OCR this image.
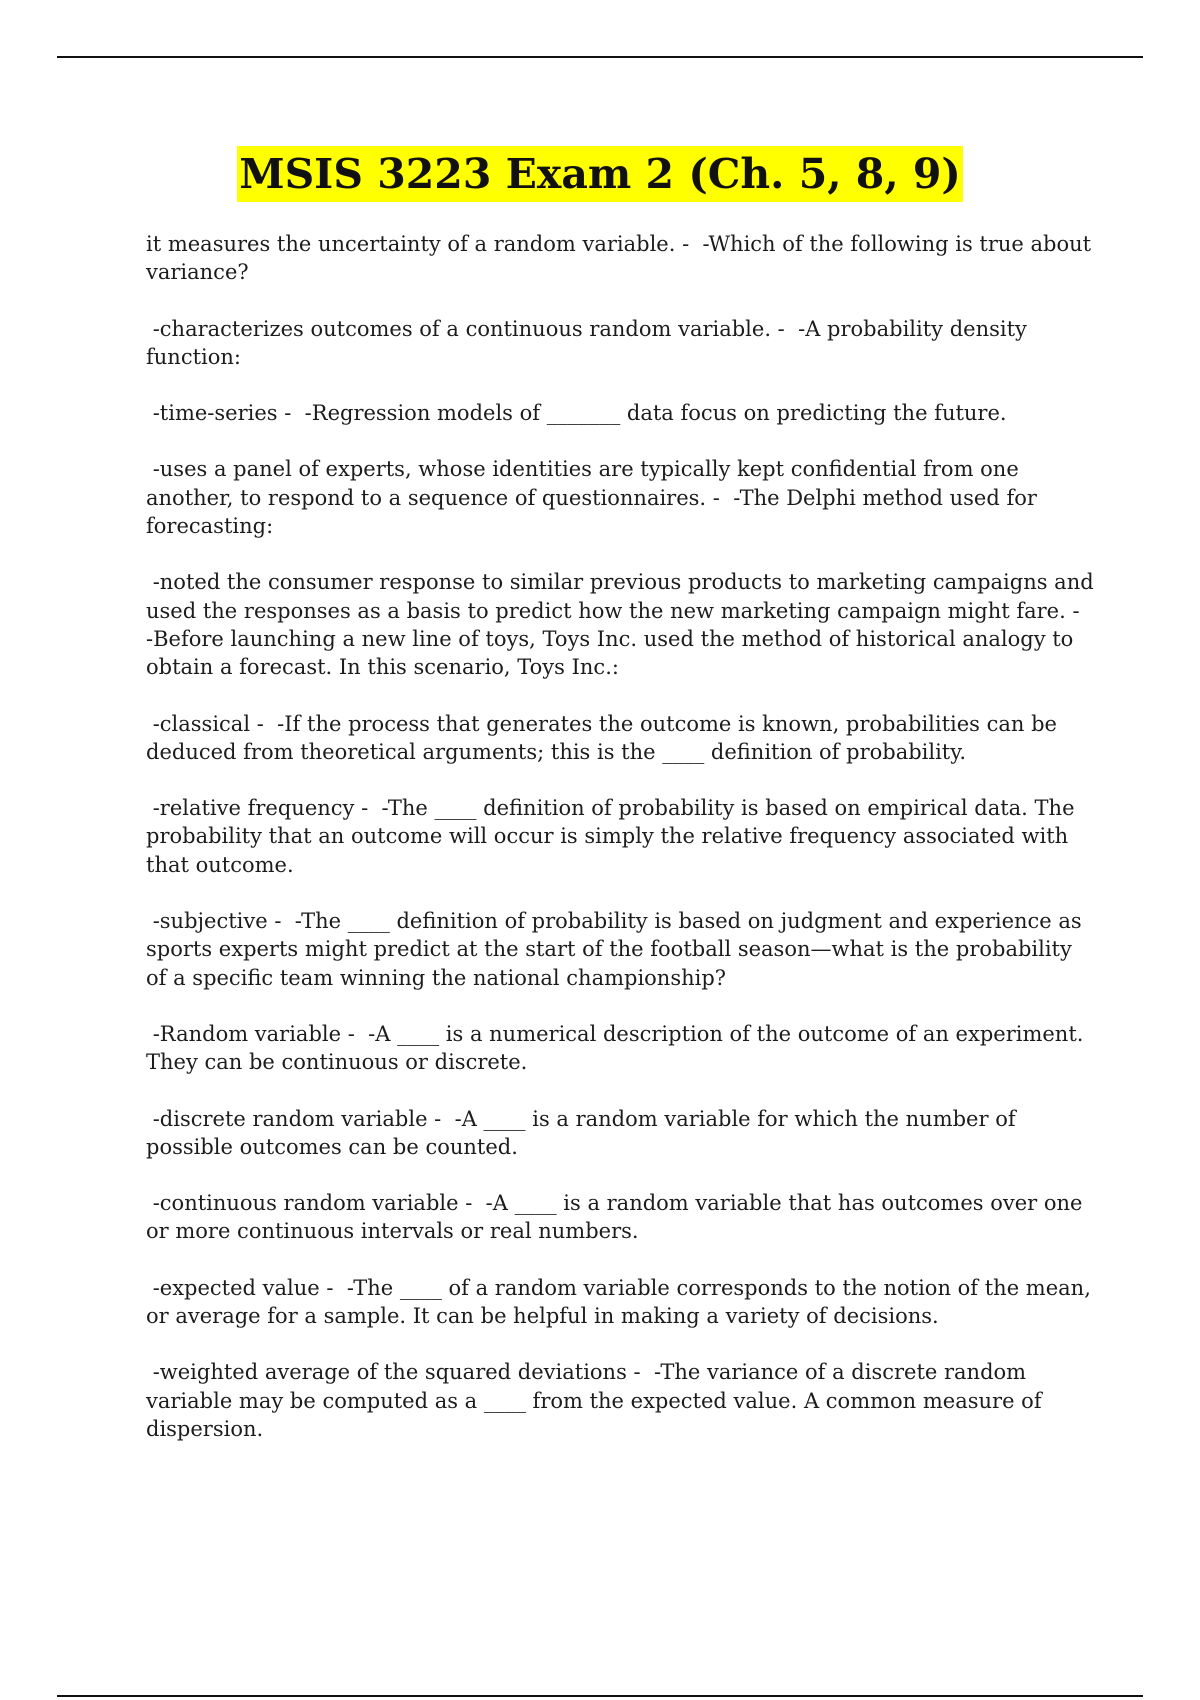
MSIS 3223 Exam 2 (Ch. 5, 8, 9)

it measures the uncertainty of a random variable. -  -Which of the following is true about variance?

-characterizes outcomes of a continuous random variable. -  -A probability density function:

-time-series -  -Regression models of _______ data focus on predicting the future.

-uses a panel of experts, whose identities are typically kept confidential from one another, to respond to a sequence of questionnaires. -  -The Delphi method used for forecasting:

-noted the consumer response to similar previous products to marketing campaigns and used the responses as a basis to predict how the new marketing campaign might fare. -  -Before launching a new line of toys, Toys Inc. used the method of historical analogy to obtain a forecast. In this scenario, Toys Inc.:

-classical -  -If the process that generates the outcome is known, probabilities can be deduced from theoretical arguments; this is the ____ definition of probability.

-relative frequency -  -The ____ definition of probability is based on empirical data. The probability that an outcome will occur is simply the relative frequency associated with that outcome.

-subjective -  -The ____ definition of probability is based on judgment and experience as sports experts might predict at the start of the football season—what is the probability of a specific team winning the national championship?

-Random variable -  -A ____ is a numerical description of the outcome of an experiment. They can be continuous or discrete.

-discrete random variable -  -A ____ is a random variable for which the number of possible outcomes can be counted.

-continuous random variable -  -A ____ is a random variable that has outcomes over one or more continuous intervals or real numbers.

-expected value -  -The ____ of a random variable corresponds to the notion of the mean, or average for a sample. It can be helpful in making a variety of decisions.

-weighted average of the squared deviations -  -The variance of a discrete random variable may be computed as a ____ from the expected value. A common measure of dispersion.
